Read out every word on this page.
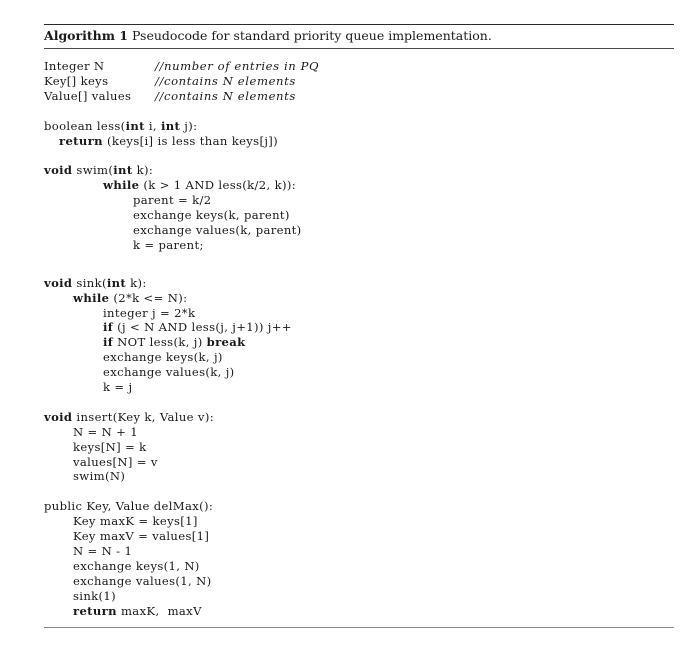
Algorithm 1 Pseudocode for standard priority queue implementation.
Integer N	//number of entries in PQ
Key[] keys	//contains N elements
Value[] values //contains N elements
boolean less(int i, int j):
return (keys[i] is less than keys[j])
void swim(int k):
while (k > 1 AND less(k/2, k)):
parent = k/2
exchange keys(k, parent)
exchange values(k, parent)
k = parent;
void sink(int k):
while (2*k <= N):
integer j = 2*k
if (j < N AND less(j, j+1)) j++
if NOT less(k, j) break
exchange keys(k, j)
exchange values(k, j)
k = j
void insert(Key k, Value v):
N = N + 1
keys[N] = k
values[N] = v
swim(N)
public Key, Value delMax():
Key maxK = keys[1]
Key maxV = values[1]
N = N - 1
exchange keys(1, N)
exchange values(1, N)
sink(1)
return maxK,  maxV
